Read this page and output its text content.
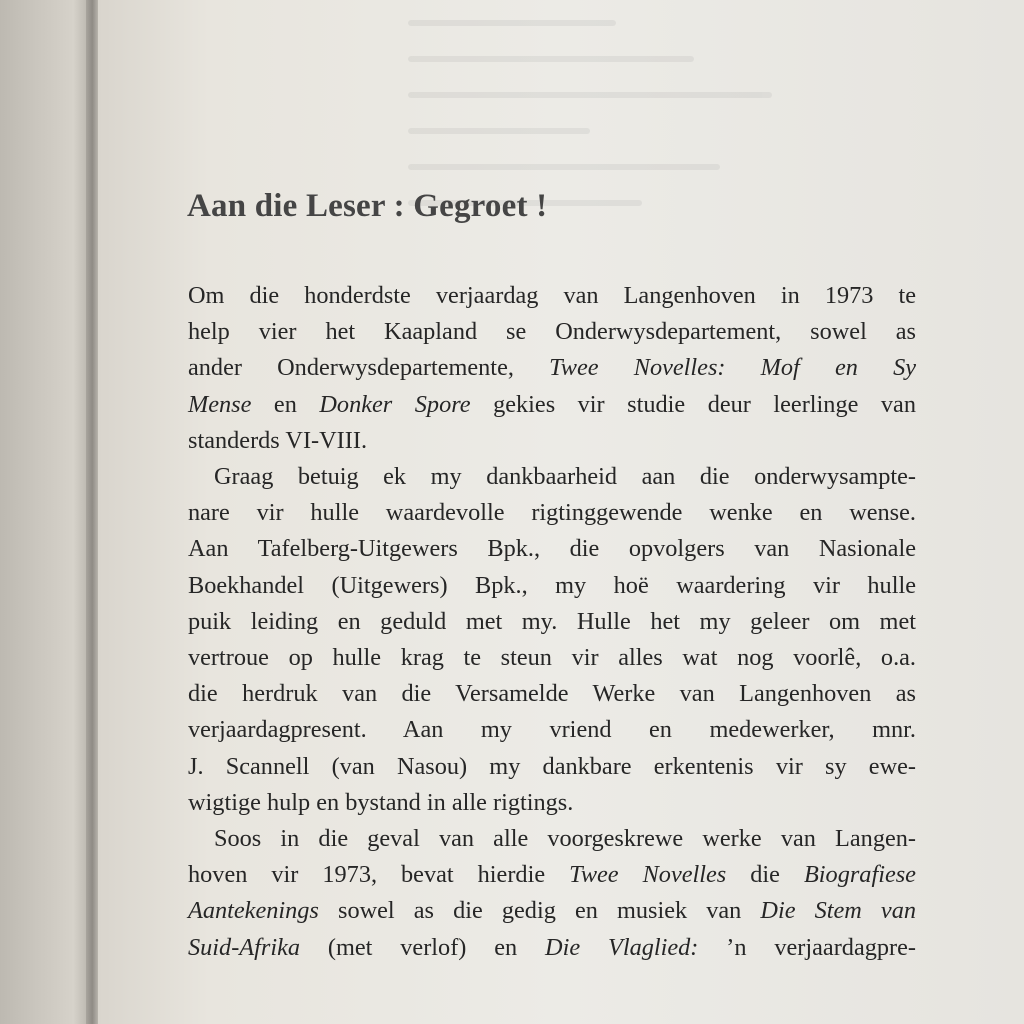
Aan die Leser : Gegroet !
Om die honderdste verjaardag van Langenhoven in 1973 te
help vier het Kaapland se Onderwysdepartement, sowel as
ander Onderwysdepartemente, Twee Novelles: Mof en Sy
Mense en Donker Spore gekies vir studie deur leerlinge van
standerds VI-VIII.
Graag betuig ek my dankbaarheid aan die onderwysampte-
nare vir hulle waardevolle rigtinggewende wenke en wense.
Aan Tafelberg-Uitgewers Bpk., die opvolgers van Nasionale
Boekhandel (Uitgewers) Bpk., my hoë waardering vir hulle
puik leiding en geduld met my. Hulle het my geleer om met
vertroue op hulle krag te steun vir alles wat nog voorlê, o.a.
die herdruk van die Versamelde Werke van Langenhoven as
verjaardagpresent. Aan my vriend en medewerker, mnr.
J. Scannell (van Nasou) my dankbare erkentenis vir sy ewe-
wigtige hulp en bystand in alle rigtings.
Soos in die geval van alle voorgeskrewe werke van Langen-
hoven vir 1973, bevat hierdie Twee Novelles die Biografiese
Aantekenings sowel as die gedig en musiek van Die Stem van
Suid-Afrika (met verlof) en Die Vlaglied: ’n verjaardagpre-
